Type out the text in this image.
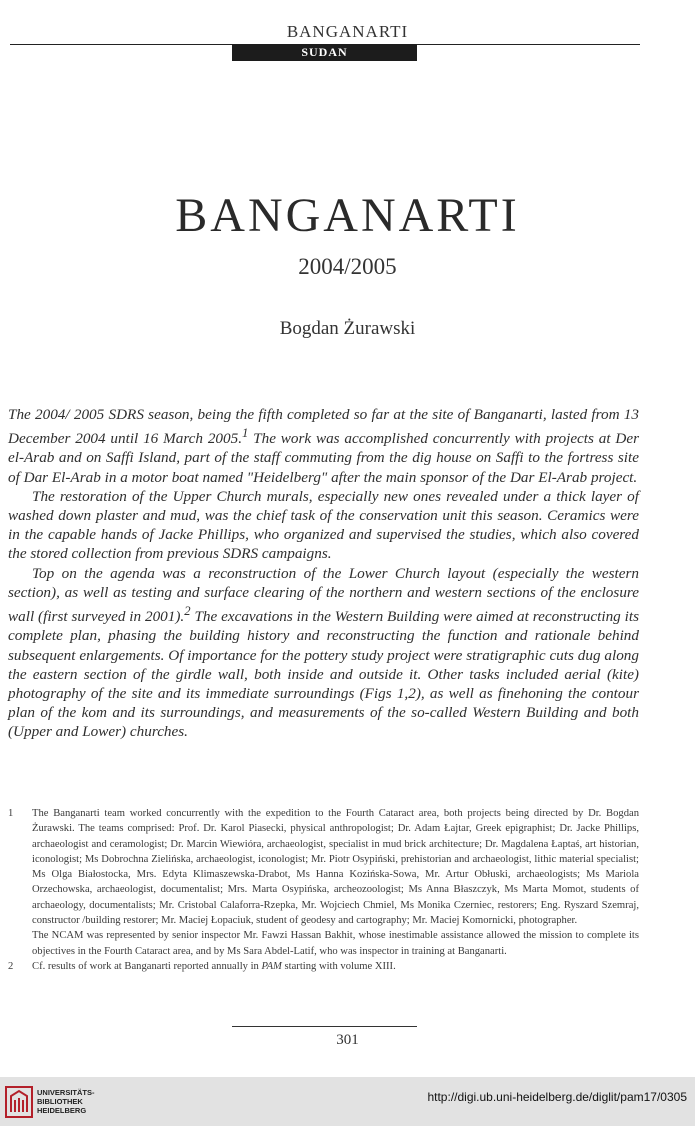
BANGANARTI
SUDAN
BANGANARTI
2004/2005
Bogdan Żurawski

The 2004/ 2005 SDRS season, being the fifth completed so far at the site of Banganarti, lasted from 13 December 2004 until 16 March 2005.$^1$ The work was accomplished concurrently with projects at Der el-Arab and on Saffi Island, part of the staff commuting from the dig house on Saffi to the fortress site of Dar El-Arab in a motor boat named "Heidelberg" after the main sponsor of the Dar El-Arab project.

The restoration of the Upper Church murals, especially new ones revealed under a thick layer of washed down plaster and mud, was the chief task of the conservation unit this season. Ceramics were in the capable hands of Jacke Phillips, who organized and supervised the studies, which also covered the stored collection from previous SDRS campaigns.

Top on the agenda was a reconstruction of the Lower Church layout (especially the western section), as well as testing and surface clearing of the northern and western sections of the enclosure wall (first surveyed in 2001).$^2$ The excavations in the Western Building were aimed at reconstructing its complete plan, phasing the building history and reconstructing the function and rationale behind subsequent enlargements. Of importance for the pottery study project were stratigraphic cuts dug along the eastern section of the girdle wall, both inside and outside it. Other tasks included aerial (kite) photography of the site and its immediate surroundings (Figs 1,2), as well as finehoning the contour plan of the kom and its surroundings, and measurements of the so-called Western Building and both (Upper and Lower) churches.

1	The Banganarti team worked concurrently with the expedition to the Fourth Cataract area, both projects being directed by Dr. Bogdan Żurawski. The teams comprised: Prof. Dr. Karol Piasecki, physical anthropologist; Dr. Adam Łajtar, Greek epigraphist; Dr. Jacke Phillips, archaeologist and ceramologist; Dr. Marcin Wiewióra, archaeologist, specialist in mud brick architecture; Dr. Magdalena Łaptaś, art historian, iconologist; Ms Dobrochna Zielińska, archaeologist, iconologist; Mr. Piotr Osypiński, prehistorian and archaeologist, lithic material specialist; Ms Olga Białostocka, Mrs. Edyta Klimaszewska-Drabot, Ms Hanna Kozińska-Sowa, Mr. Artur Obłuski, archaeologists; Ms Mariola Orzechowska, archaeologist, documentalist; Mrs. Marta Osypińska, archeozoologist; Ms Anna Błaszczyk, Ms Marta Momot, students of archaeology, documentalists; Mr. Cristobal Calaforra-Rzepka, Mr. Wojciech Chmiel, Ms Monika Czerniec, restorers; Eng. Ryszard Szemraj, constructor /building restorer; Mr. Maciej Łopaciuk, student of geodesy and cartography; Mr. Maciej Komornicki, photographer.

The NCAM was represented by senior inspector Mr. Fawzi Hassan Bakhit, whose inestimable assistance allowed the mission to complete its objectives in the Fourth Cataract area, and by Ms Sara Abdel-Latif, who was inspector in training at Banganarti.

2	Cf. results of work at Banganarti reported annually in PAM starting with volume XIII.

301
UNIVERSITÄTS-
BIBLIOTHEK
HEIDELBERG
http://digi.ub.uni-heidelberg.de/diglit/pam17/0305
